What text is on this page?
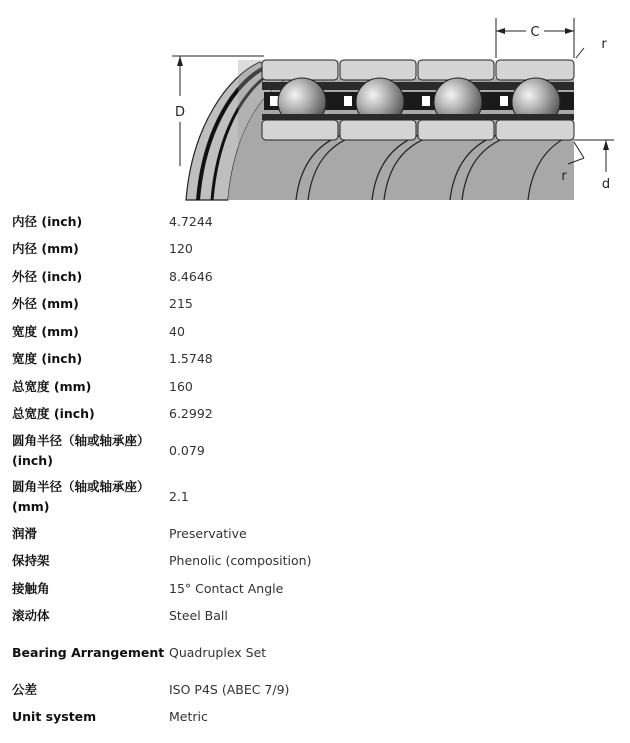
D
C
r
d
r
内径 (inch)	4.7244
内径 (mm)	120
外径 (inch)	8.4646
外径 (mm)	215
宽度 (mm)	40
宽度 (inch)	1.5748
总宽度 (mm)	160
总宽度 (inch)	6.2992
圆角半径（轴或轴承座）(inch)	0.079
圆角半径（轴或轴承座）(mm)	2.1
润滑	Preservative
保持架	Phenolic (composition)
接触角	15° Contact Angle
滚动体	Steel Ball
Bearing Arrangement	Quadruplex Set
公差	ISO P4S (ABEC 7/9)
Unit system	Metric
